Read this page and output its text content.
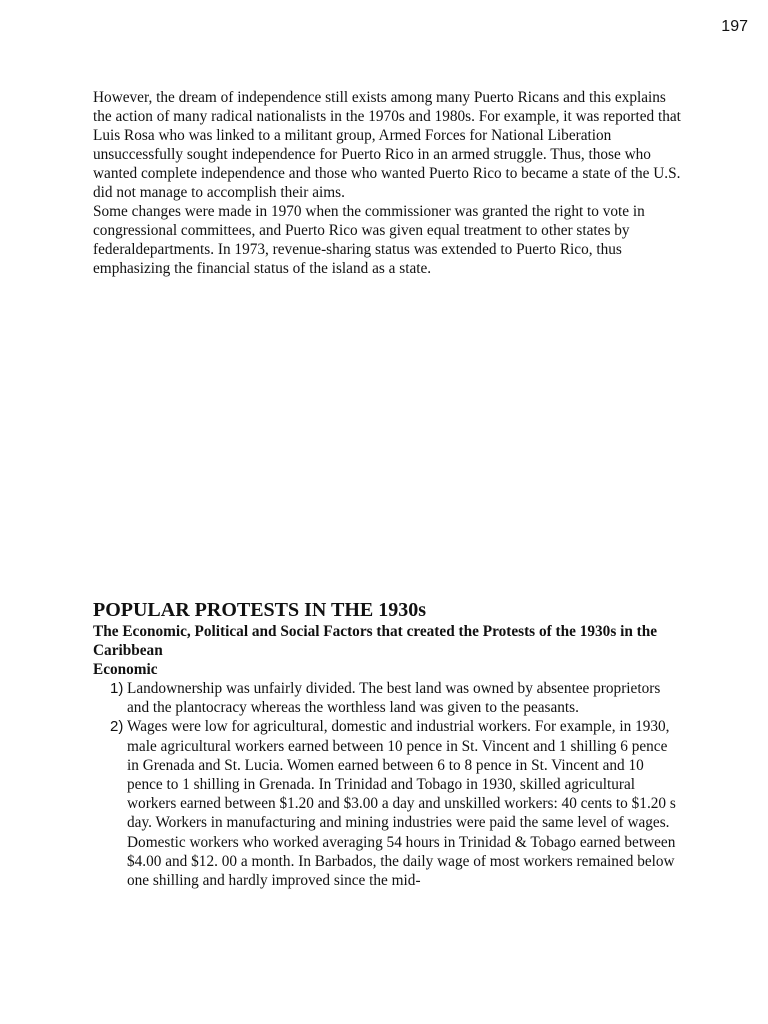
197

However, the dream of independence still exists among many Puerto Ricans and this explains the action of many radical nationalists in the 1970s and 1980s. For example, it was reported that Luis Rosa who was linked to a militant group, Armed Forces for National Liberation unsuccessfully sought independence for Puerto Rico in an armed struggle. Thus, those who wanted complete independence and those who wanted Puerto Rico to became a state of the U.S. did not manage to accomplish their aims.

Some changes were made in 1970 when the commissioner was granted the right to vote in congressional committees, and Puerto Rico was given equal treatment to other states by federaldepartments. In 1973, revenue-sharing status was extended to Puerto Rico, thus emphasizing the financial status of the island as a state.

POPULAR PROTESTS IN THE 1930s
The Economic, Political and Social Factors that created the Protests of the 1930s in the Caribbean
Economic
1) Landownership was unfairly divided. The best land was owned by absentee proprietors and the plantocracy whereas the worthless land was given to the peasants.
2) Wages were low for agricultural, domestic and industrial workers. For example, in 1930, male agricultural workers earned between 10 pence in St. Vincent and 1 shilling 6 pence in Grenada and St. Lucia. Women earned between 6 to 8 pence in St. Vincent and 10 pence to 1 shilling in Grenada. In Trinidad and Tobago in 1930, skilled agricultural workers earned between $1.20 and $3.00 a day and unskilled workers: 40 cents to $1.20 s day. Workers in manufacturing and mining industries were paid the same level of wages. Domestic workers who worked averaging 54 hours in Trinidad & Tobago earned between $4.00 and $12. 00 a month. In Barbados, the daily wage of most workers remained below one shilling and hardly improved since the mid-
